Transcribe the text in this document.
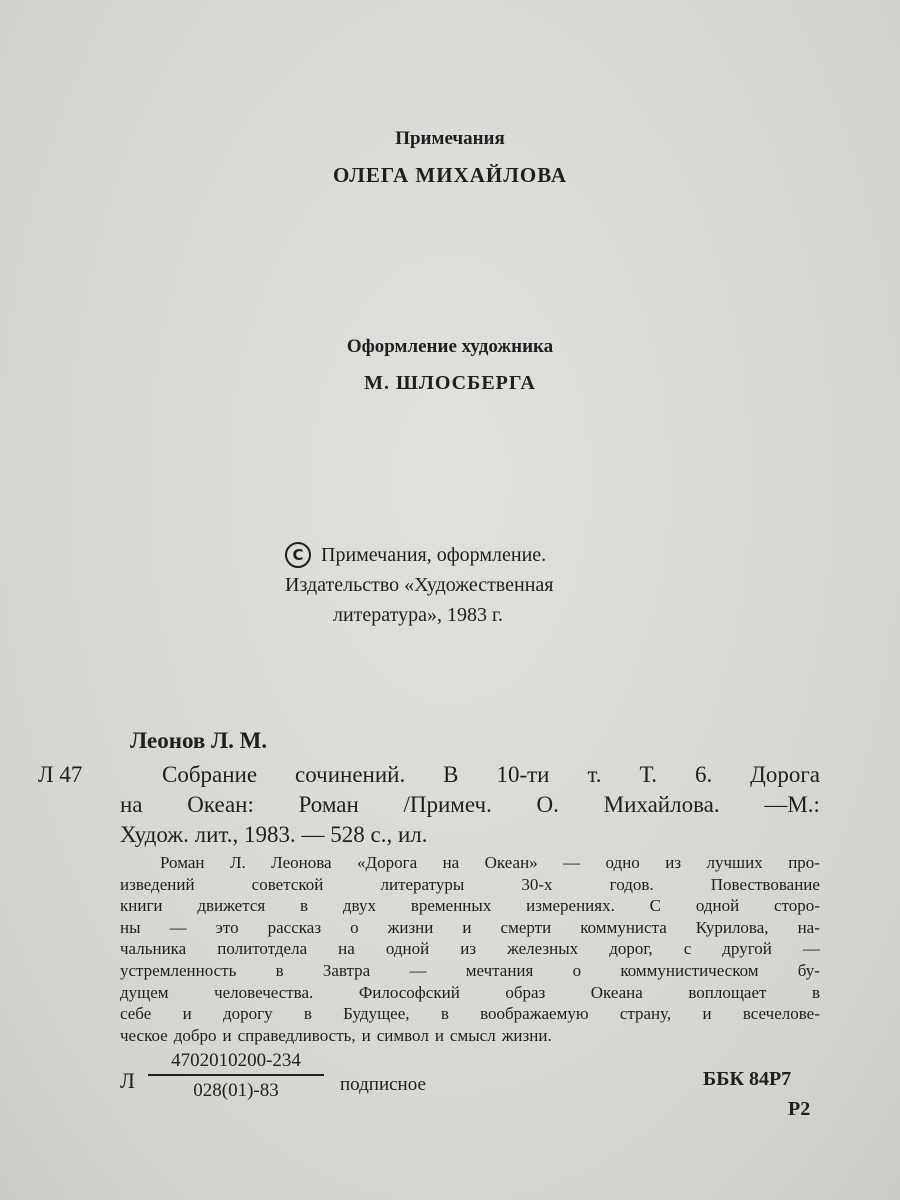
Примечания
ОЛЕГА МИХАЙЛОВА
Оформление художника
М. ШЛОСБЕРГА
C Примечания, оформление.
Издательство «Художественная
литература», 1983 г.
Леонов Л. М.
Л 47	Собрание сочинений. В 10-ти т. Т. 6. Дорога
на Океан: Роман /Примеч. О. Михайлова. —М.:
Худож. лит., 1983. — 528 с., ил.
Роман Л. Леонова «Дорога на Океан» — одно из лучших про-
изведений	советской	литературы	30-х	годов.	Повествование
книги движется в двух временных измерениях. С одной сторо-
ны — это рассказ о жизни и смерти коммуниста Курилова, на-
чальника политотдела на одной из железных дорог, с другой —
устремленность в Завтра — мечтания о коммунистическом бу-
дущем	человечества.	Философский	образ	Океана	воплощает	в
себе и дорогу в Будущее, в воображаемую страну, и всечелове-
ческое добро и справедливость, и символ и смысл жизни.
Л $\frac{4702010200-234}{028(01)-83}$ подписное	ББК 84Р7
Р2
